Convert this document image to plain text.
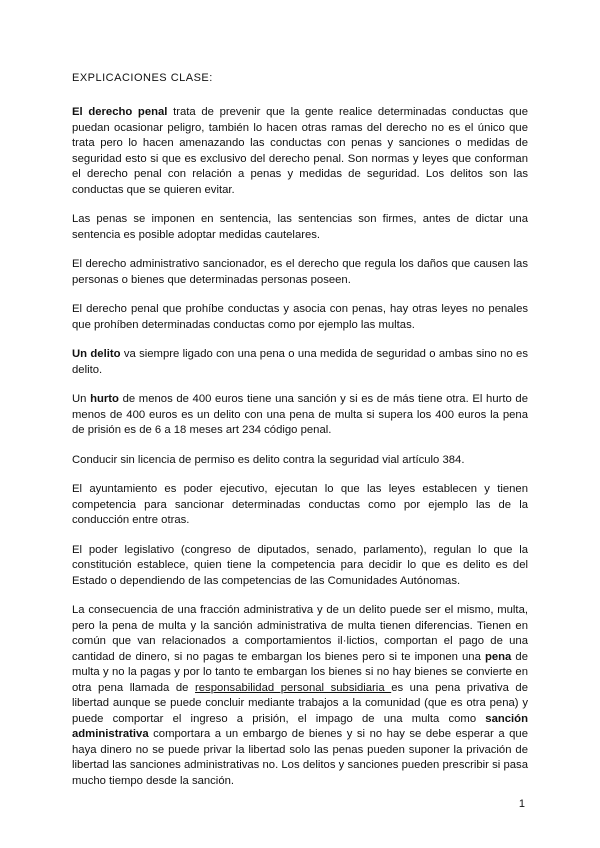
EXPLICACIONES CLASE:

El derecho penal trata de prevenir que la gente realice determinadas conductas que puedan ocasionar peligro, también lo hacen otras ramas del derecho no es el único que trata pero lo hacen amenazando las conductas con penas y sanciones o medidas de seguridad esto si que es exclusivo del derecho penal. Son normas y leyes que conforman el derecho penal con relación a penas y medidas de seguridad. Los delitos son las conductas que se quieren evitar.

Las penas se imponen en sentencia, las sentencias son firmes, antes de dictar una sentencia es posible adoptar medidas cautelares.

El derecho administrativo sancionador, es el derecho que regula los daños que causen las personas o bienes que determinadas personas poseen.

El derecho penal que prohíbe conductas y asocia con penas, hay otras leyes no penales que prohíben determinadas conductas como por ejemplo las multas.

Un delito va siempre ligado con una pena o una medida de seguridad o ambas sino no es delito.

Un hurto de menos de 400 euros tiene una sanción y si es de más tiene otra. El hurto de menos de 400 euros es un delito con una pena de multa si supera los 400 euros la pena de prisión es de 6 a 18 meses art 234 código penal.

Conducir sin licencia de permiso es delito contra la seguridad vial artículo 384.

El ayuntamiento es poder ejecutivo, ejecutan lo que las leyes establecen y tienen competencia para sancionar determinadas conductas como por ejemplo las de la conducción entre otras.

El poder legislativo (congreso de diputados, senado, parlamento), regulan lo que la constitución establece, quien tiene la competencia para decidir lo que es delito es del Estado o dependiendo de las competencias de las Comunidades Autónomas.

La consecuencia de una fracción administrativa y de un delito puede ser el mismo, multa, pero la pena de multa y la sanción administrativa de multa tienen diferencias. Tienen en común que van relacionados a comportamientos il·lictios, comportan el pago de una cantidad de dinero, si no pagas te embargan los bienes pero si te imponen una pena de multa y no la pagas y por lo tanto te embargan los bienes si no hay bienes se convierte en otra pena llamada de responsabilidad personal subsidiaria es una pena privativa de libertad aunque se puede concluir mediante trabajos a la comunidad (que es otra pena) y puede comportar el ingreso a prisión, el impago de una multa como sanción administrativa comportara a un embargo de bienes y si no hay se debe esperar a que haya dinero no se puede privar la libertad solo las penas pueden suponer la privación de libertad las sanciones administrativas no. Los delitos y sanciones pueden prescribir si pasa mucho tiempo desde la sanción.

1
